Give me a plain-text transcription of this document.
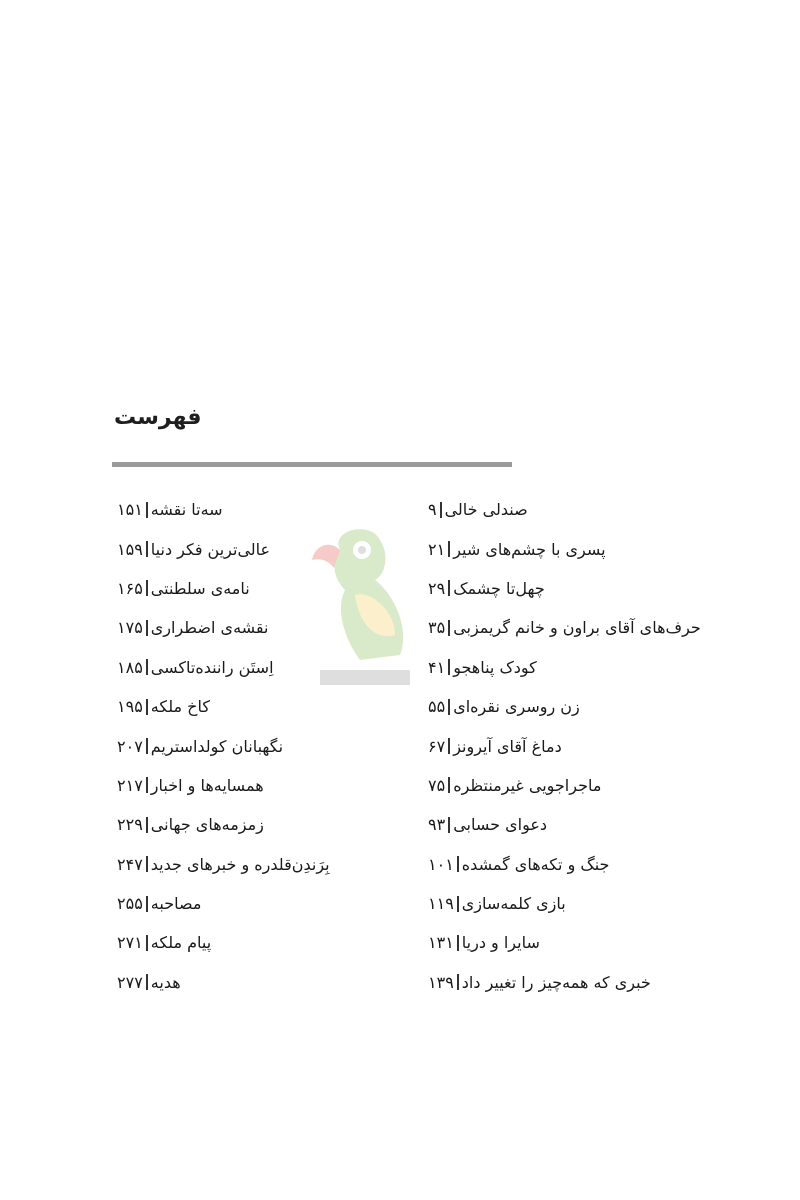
فهرست
صندلی خالی
۹
پسری با چشم‌های شیر
۲۱
چهل‌تا چشمک
۲۹
حرف‌های آقای براون و خانم گریمزبی
۳۵
کودک پناهجو
۴۱
زن روسری نقره‌ای
۵۵
دماغ آقای آیرونز
۶۷
ماجراجویی غیرمنتظره
۷۵
دعوای حسابی
۹۳
جنگ و تکه‌های گمشده
۱۰۱
بازی کلمه‌سازی
۱۱۹
سایرا و دریا
۱۳۱
خبری که همه‌چیز را تغییر داد
۱۳۹
سه‌تا نقشه
۱۵۱
عالی‌ترین فکر دنیا
۱۵۹
نامه‌ی سلطنتی
۱۶۵
نقشه‌ی اضطراری
۱۷۵
اِستَن راننده‌تاکسی
۱۸۵
کاخ ملکه
۱۹۵
نگهبانان کولداستریم
۲۰۷
همسایه‌ها و اخبار
۲۱۷
زمزمه‌های جهانی
۲۲۹
بِرَندِن‌قلدره و خبرهای جدید
۲۴۷
مصاحبه
۲۵۵
پیام ملکه
۲۷۱
هدیه
۲۷۷
